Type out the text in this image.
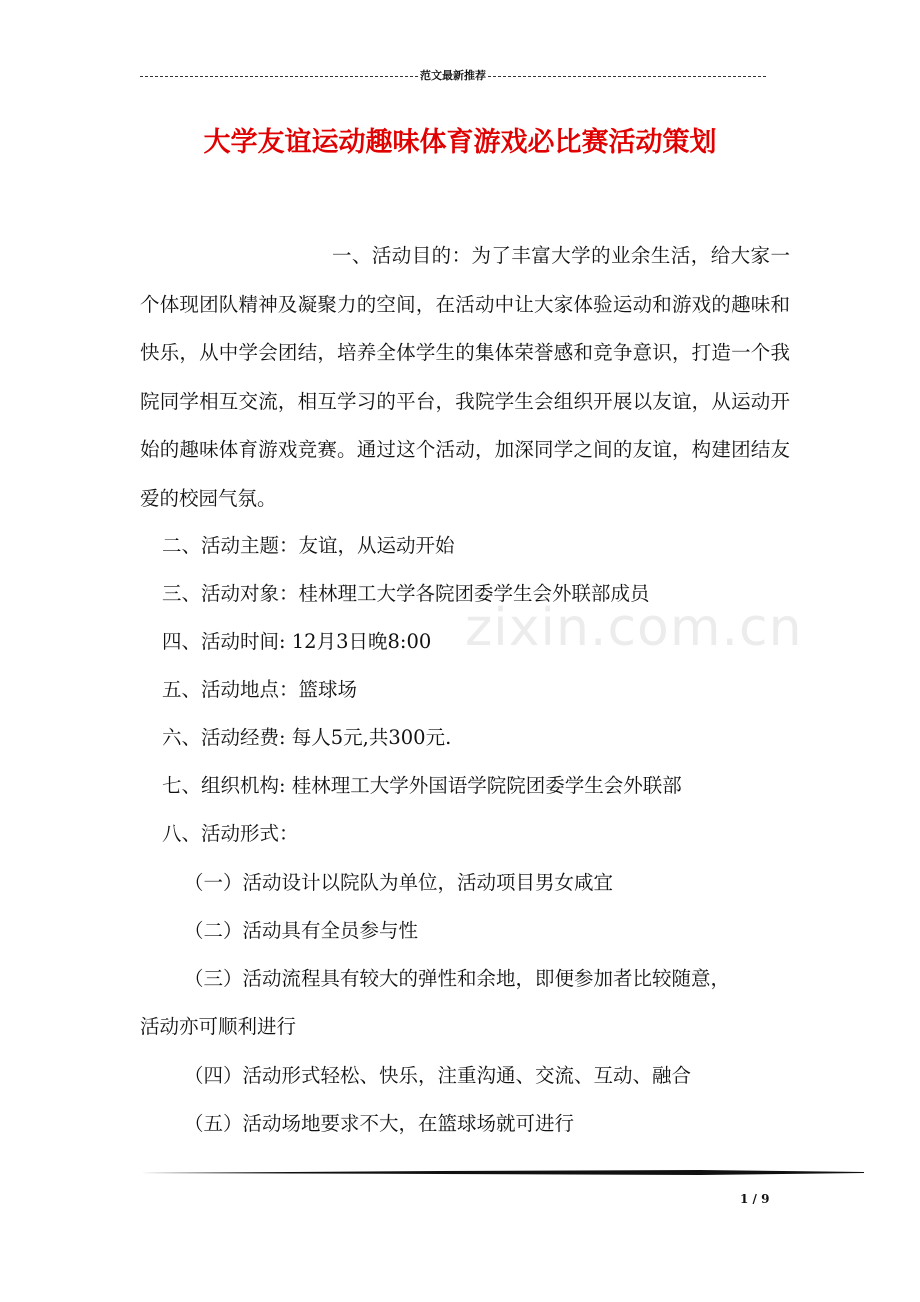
范文最新推荐
大学友谊运动趣味体育游戏必比赛活动策划
一、活动目的：为了丰富大学的业余生活，给大家一个体现团队精神及凝聚力的空间，在活动中让大家体验运动和游戏的趣味和快乐，从中学会团结，培养全体学生的集体荣誉感和竞争意识，打造一个我院同学相互交流，相互学习的平台，我院学生会组织开展以友谊，从运动开始的趣味体育游戏竞赛。通过这个活动，加深同学之间的友谊，构建团结友爱的校园气氛。
二、活动主题：友谊，从运动开始
三、活动对象：桂林理工大学各院团委学生会外联部成员
四、活动时间: 12月3日晚8:00
五、活动地点：篮球场
六、活动经费: 每人5元,共300元.
七、组织机构: 桂林理工大学外国语学院院团委学生会外联部
八、活动形式：
（一）活动设计以院队为单位，活动项目男女咸宜
（二）活动具有全员参与性
（三）活动流程具有较大的弹性和余地，即便参加者比较随意，
活动亦可顺利进行
（四）活动形式轻松、快乐，注重沟通、交流、互动、融合
（五）活动场地要求不大，在篮球场就可进行
zixin.com.cn
1 / 9
